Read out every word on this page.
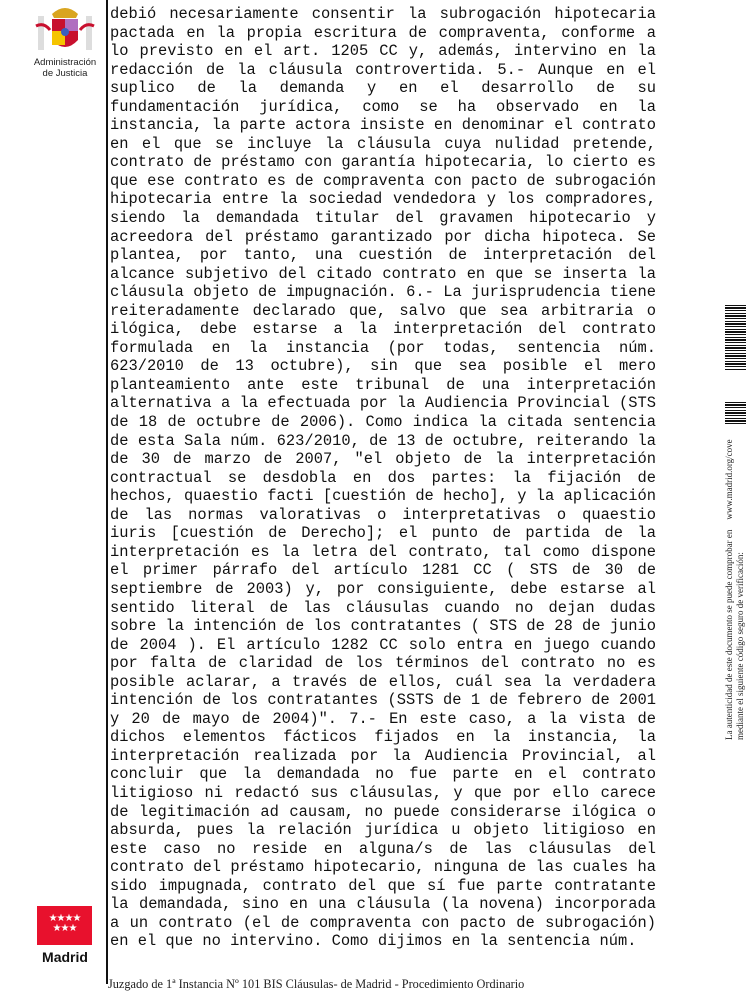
Administración
de Justicia
debió necesariamente consentir la subrogación hipotecaria
pactada en la propia escritura de compraventa, conforme a
lo previsto en el art. 1205 CC y, además, intervino en la
redacción de la cláusula controvertida. 5.- Aunque en el
suplico de la demanda y en el desarrollo de su
fundamentación jurídica, como se ha observado en la
instancia, la parte actora insiste en denominar el contrato
en el que se incluye la cláusula cuya nulidad pretende,
contrato de préstamo con garantía hipotecaria, lo cierto es
que ese contrato es de compraventa con pacto de subrogación
hipotecaria entre la sociedad vendedora y los compradores,
siendo la demandada titular del gravamen hipotecario y
acreedora del préstamo garantizado por dicha hipoteca. Se
plantea, por tanto, una cuestión de interpretación del
alcance subjetivo del citado contrato en que se inserta la
cláusula objeto de impugnación. 6.- La jurisprudencia tiene
reiteradamente declarado que, salvo que sea arbitraria o
ilógica, debe estarse a la interpretación del contrato
formulada en la instancia (por todas, sentencia núm.
623/2010 de 13 octubre), sin que sea posible el mero
planteamiento ante este tribunal de una interpretación
alternativa a la efectuada por la Audiencia Provincial (STS
de 18 de octubre de 2006). Como indica la citada sentencia
de esta Sala núm. 623/2010, de 13 de octubre, reiterando la
de 30 de marzo de 2007, "el objeto de la interpretación
contractual se desdobla en dos partes: la fijación de
hechos, quaestio facti [cuestión de hecho], y la aplicación
de las normas valorativas o interpretativas o quaestio
iuris [cuestión de Derecho]; el punto de partida de la
interpretación es la letra del contrato, tal como dispone
el primer párrafo del artículo 1281 CC ( STS de 30 de
septiembre de 2003) y, por consiguiente, debe estarse al
sentido literal de las cláusulas cuando no dejan dudas
sobre la intención de los contratantes ( STS de 28 de junio
de 2004 ). El artículo 1282 CC solo entra en juego cuando
por falta de claridad de los términos del contrato no es
posible aclarar, a través de ellos, cuál sea la verdadera
intención de los contratantes (SSTS de 1 de febrero de 2001
y 20 de mayo de 2004)". 7.- En este caso, a la vista de
dichos elementos fácticos fijados en la instancia, la
interpretación realizada por la Audiencia Provincial, al
concluir que la demandada no fue parte en el contrato
litigioso ni redactó sus cláusulas, y que por ello carece
de legitimación ad causam, no puede considerarse ilógica o
absurda, pues la relación jurídica u objeto litigioso en
este caso no reside en alguna/s de las cláusulas del
contrato del préstamo hipotecario, ninguna de las cuales ha
sido impugnada, contrato del que sí fue parte contratante
la demandada, sino en una cláusula (la novena) incorporada
a un contrato (el de compraventa con pacto de subrogación)
en el que no intervino. Como dijimos en la sentencia núm.
★★★★
★★★
Madrid
Juzgado de 1ª Instancia Nº 101 BIS Cláusulas- de Madrid - Procedimiento Ordinario
La autenticidad de este documento se puede comprobar enwww.madrid.org/cove
mediante el siguiente código seguro de verificación:
